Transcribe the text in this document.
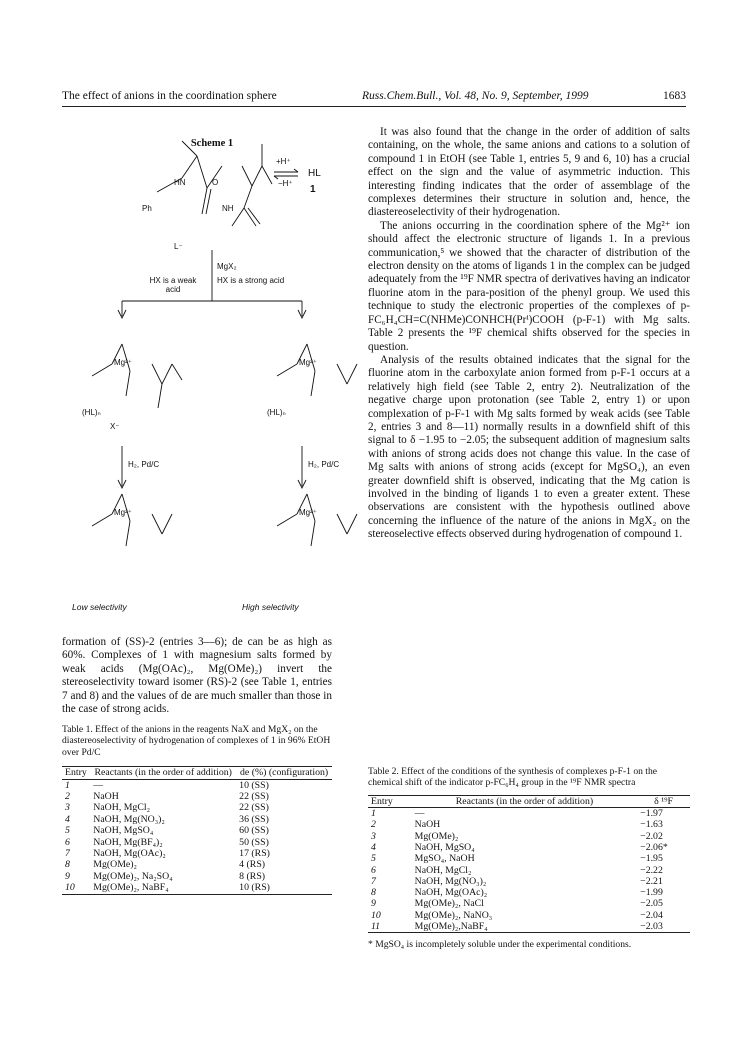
The effect of anions in the coordination sphere	Russ.Chem.Bull., Vol. 48, No. 9, September, 1999	1683
Scheme 1
HN	O
Ph	NH
+H⁺
−H⁺
HL
1
L⁻
MgX₂
HX is a weak acid
HX is a strong acid
Mg²⁺
(HL)ₙ
X⁻
Mg²⁺
(HL)ₙ
H₂, Pd/C	H₂, Pd/C
Mg²⁺	Mg²⁺
Low selectivity	High selectivity

formation of (SS)-2 (entries 3—6); de can be as high as 60%. Complexes of 1 with magnesium salts formed by weak acids (Mg(OAc)₂, Mg(OMe)₂) invert the stereoselectivity toward isomer (RS)-2 (see Table 1, entries 7 and 8) and the values of de are much smaller than those in the case of strong acids.

Table 1. Effect of the anions in the reagents NaX and MgX₂ on the diastereoselectivity of hydrogenation of complexes of 1 in 96% EtOH over Pd/C
Entry	Reactants (in the order of addition)	de (%) (configuration)
1	—	10 (SS)
2	NaOH	22 (SS)
3	NaOH, MgCl₂	22 (SS)
4	NaOH, Mg(NO₃)₂	36 (SS)
5	NaOH, MgSO₄	60 (SS)
6	NaOH, Mg(BF₄)₂	50 (SS)
7	NaOH, Mg(OAc)₂	17 (RS)
8	Mg(OMe)₂	4 (RS)
9	Mg(OMe)₂, Na₂SO₄	8 (RS)
10	Mg(OMe)₂, NaBF₄	10 (RS)

It was also found that the change in the order of addition of salts containing, on the whole, the same anions and cations to a solution of compound 1 in EtOH (see Table 1, entries 5, 9 and 6, 10) has a crucial effect on the sign and the value of asymmetric induction. This interesting finding indicates that the order of assemblage of the complexes determines their structure in solution and, hence, the diastereoselectivity of their hydrogenation.

The anions occurring in the coordination sphere of the Mg²⁺ ion should affect the electronic structure of ligands 1. In a previous communication,⁵ we showed that the character of distribution of the electron density on the atoms of ligands 1 in the complex can be judged adequately from the ¹⁹F NMR spectra of derivatives having an indicator fluorine atom in the para-position of the phenyl group. We used this technique to study the electronic properties of the complexes of p-FC₆H₄CH=C(NHMe)CONHCH(Prⁱ)COOH (p-F-1) with Mg salts. Table 2 presents the ¹⁹F chemical shifts observed for the species in question.

Analysis of the results obtained indicates that the signal for the fluorine atom in the carboxylate anion formed from p-F-1 occurs at a relatively high field (see Table 2, entry 2). Neutralization of the negative charge upon protonation (see Table 2, entry 1) or upon complexation of p-F-1 with Mg salts formed by weak acids (see Table 2, entries 3 and 8—11) normally results in a downfield shift of this signal to δ −1.95 to −2.05; the subsequent addition of magnesium salts with anions of strong acids does not change this value. In the case of Mg salts with anions of strong acids (except for MgSO₄), an even greater downfield shift is observed, indicating that the Mg cation is involved in the binding of ligands 1 to even a greater extent. These observations are consistent with the hypothesis outlined above concerning the influence of the nature of the anions in MgX₂ on the stereoselective effects observed during hydrogenation of compound 1.

Table 2. Effect of the conditions of the synthesis of complexes p-F-1 on the chemical shift of the indicator p-FC₆H₄ group in the ¹⁹F NMR spectra
Entry	Reactants (in the order of addition)	δ ¹⁹F
1	—	−1.97
2	NaOH	−1.63
3	Mg(OMe)₂	−2.02
4	NaOH, MgSO₄	−2.06*
5	MgSO₄, NaOH	−1.95
6	NaOH, MgCl₂	−2.22
7	NaOH, Mg(NO₃)₂	−2.21
8	NaOH, Mg(OAc)₂	−1.99
9	Mg(OMe)₂, NaCl	−2.05
10	Mg(OMe)₂, NaNO₃	−2.04
11	Mg(OMe)₂,NaBF₄	−2.03
* MgSO₄ is incompletely soluble under the experimental conditions.
